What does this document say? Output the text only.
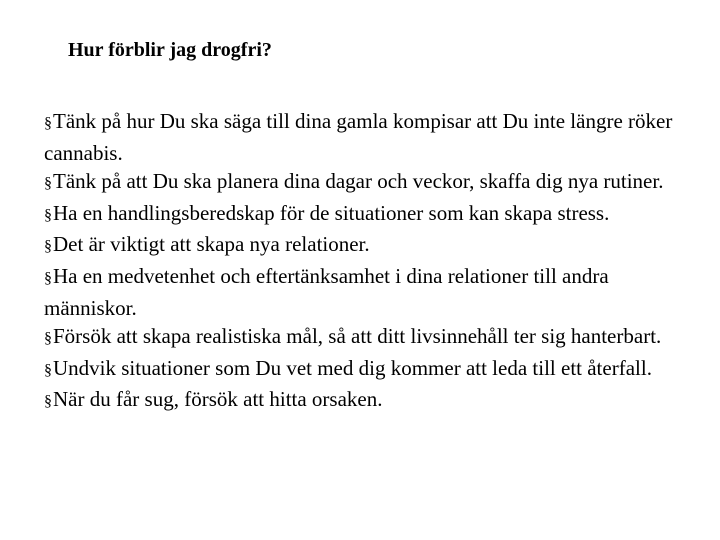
Hur förblir jag drogfri?
§Tänk på hur Du ska säga till dina gamla kompisar att Du inte längre röker cannabis.
§Tänk på att Du ska planera dina dagar och veckor, skaffa dig nya rutiner.
§Ha en handlingsberedskap för de situationer som kan skapa stress.
§Det är viktigt att skapa nya relationer.
§Ha en medvetenhet och eftertänksamhet i dina relationer till andra människor.
§Försök att skapa realistiska mål, så att ditt livsinnehåll ter sig hanterbart.
§Undvik situationer som Du vet med dig kommer att leda till ett återfall.
§När du får sug, försök att hitta orsaken.
